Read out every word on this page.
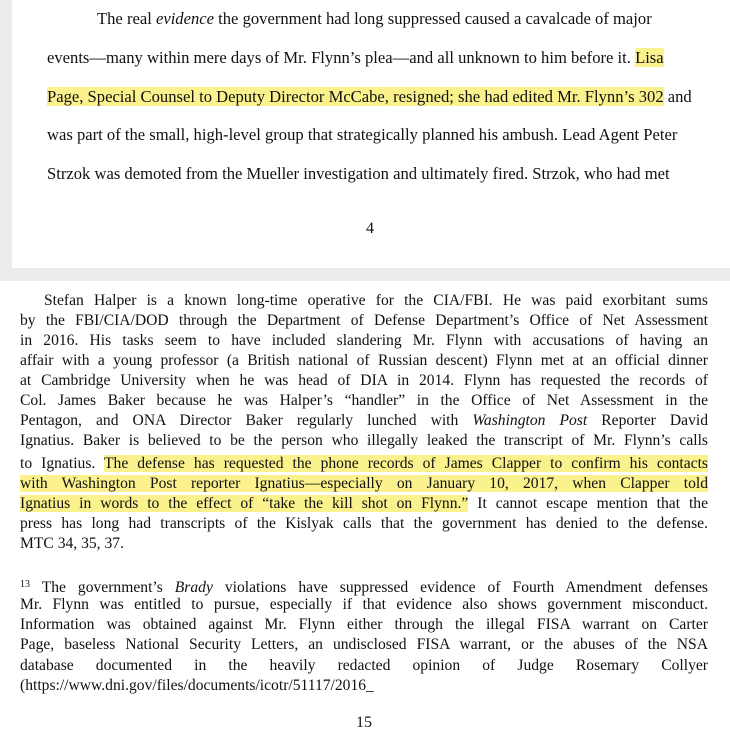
The real evidence the government had long suppressed caused a cavalcade of major
events—many within mere days of Mr. Flynn’s plea—and all unknown to him before it. Lisa
Page, Special Counsel to Deputy Director McCabe, resigned; she had edited Mr. Flynn’s 302 and
was part of the small, high-level group that strategically planned his ambush. Lead Agent Peter
Strzok was demoted from the Mueller investigation and ultimately fired. Strzok, who had met
4
Stefan Halper is a known long-time operative for the CIA/FBI. He was paid exorbitant sums
by the FBI/CIA/DOD through the Department of Defense Department’s Office of Net Assessment
in 2016. His tasks seem to have included slandering Mr. Flynn with accusations of having an
affair with a young professor (a British national of Russian descent) Flynn met at an official dinner
at Cambridge University when he was head of DIA in 2014. Flynn has requested the records of
Col. James Baker because he was Halper’s “handler” in the Office of Net Assessment in the
Pentagon, and ONA Director Baker regularly lunched with Washington Post Reporter David
Ignatius. Baker is believed to be the person who illegally leaked the transcript of Mr. Flynn’s calls
to Ignatius. The defense has requested the phone records of James Clapper to confirm his contacts
with Washington Post reporter Ignatius—especially on January 10, 2017, when Clapper told
Ignatius in words to the effect of “take the kill shot on Flynn.” It cannot escape mention that the
press has long had transcripts of the Kislyak calls that the government has denied to the defense.
MTC 34, 35, 37.
$^{13}$ The government’s Brady violations have suppressed evidence of Fourth Amendment defenses
Mr. Flynn was entitled to pursue, especially if that evidence also shows government misconduct.
Information was obtained against Mr. Flynn either through the illegal FISA warrant on Carter
Page, baseless National Security Letters, an undisclosed FISA warrant, or the abuses of the NSA
database documented in the heavily redacted opinion of Judge Rosemary Collyer
(https://www.dni.gov/files/documents/icotr/51117/2016_
15
